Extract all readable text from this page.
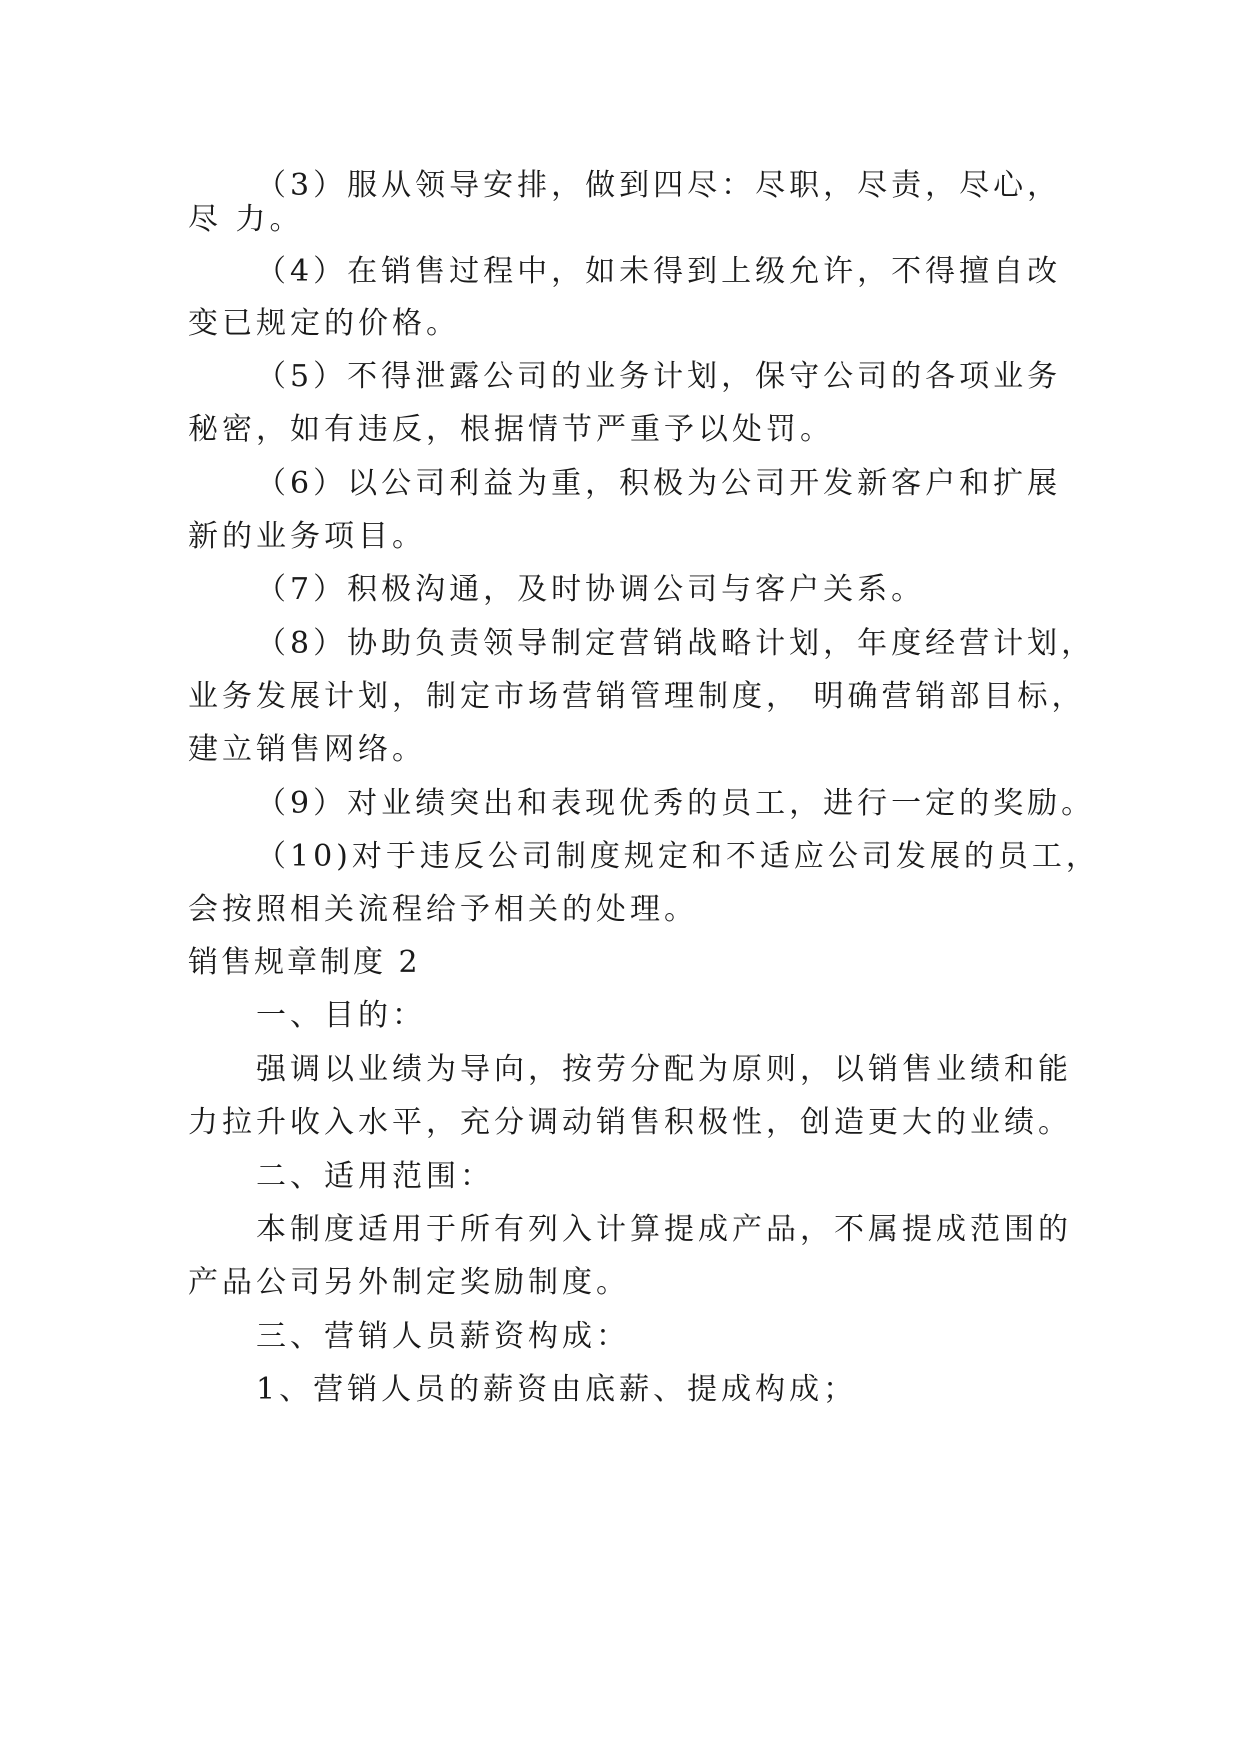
（3）服从领导安排，做到四尽：尽职，尽责，尽心，

尽 力。

（4）在销售过程中，如未得到上级允许，不得擅自改

变已规定的价格。

（5）不得泄露公司的业务计划，保守公司的各项业务

秘密，如有违反，根据情节严重予以处罚。

（6）以公司利益为重，积极为公司开发新客户和扩展

新的业务项目。

（7）积极沟通，及时协调公司与客户关系。

（8）协助负责领导制定营销战略计划，年度经营计划，

业务发展计划，制定市场营销管理制度， 明确营销部目标，

建立销售网络。

（9）对业绩突出和表现优秀的员工，进行一定的奖励。

（10)对于违反公司制度规定和不适应公司发展的员工，

会按照相关流程给予相关的处理。

销售规章制度 2

一、目的：

强调以业绩为导向，按劳分配为原则，以销售业绩和能

力拉升收入水平，充分调动销售积极性，创造更大的业绩。

二、适用范围：

本制度适用于所有列入计算提成产品，不属提成范围的

产品公司另外制定奖励制度。

三、营销人员薪资构成：

1、营销人员的薪资由底薪、提成构成；
